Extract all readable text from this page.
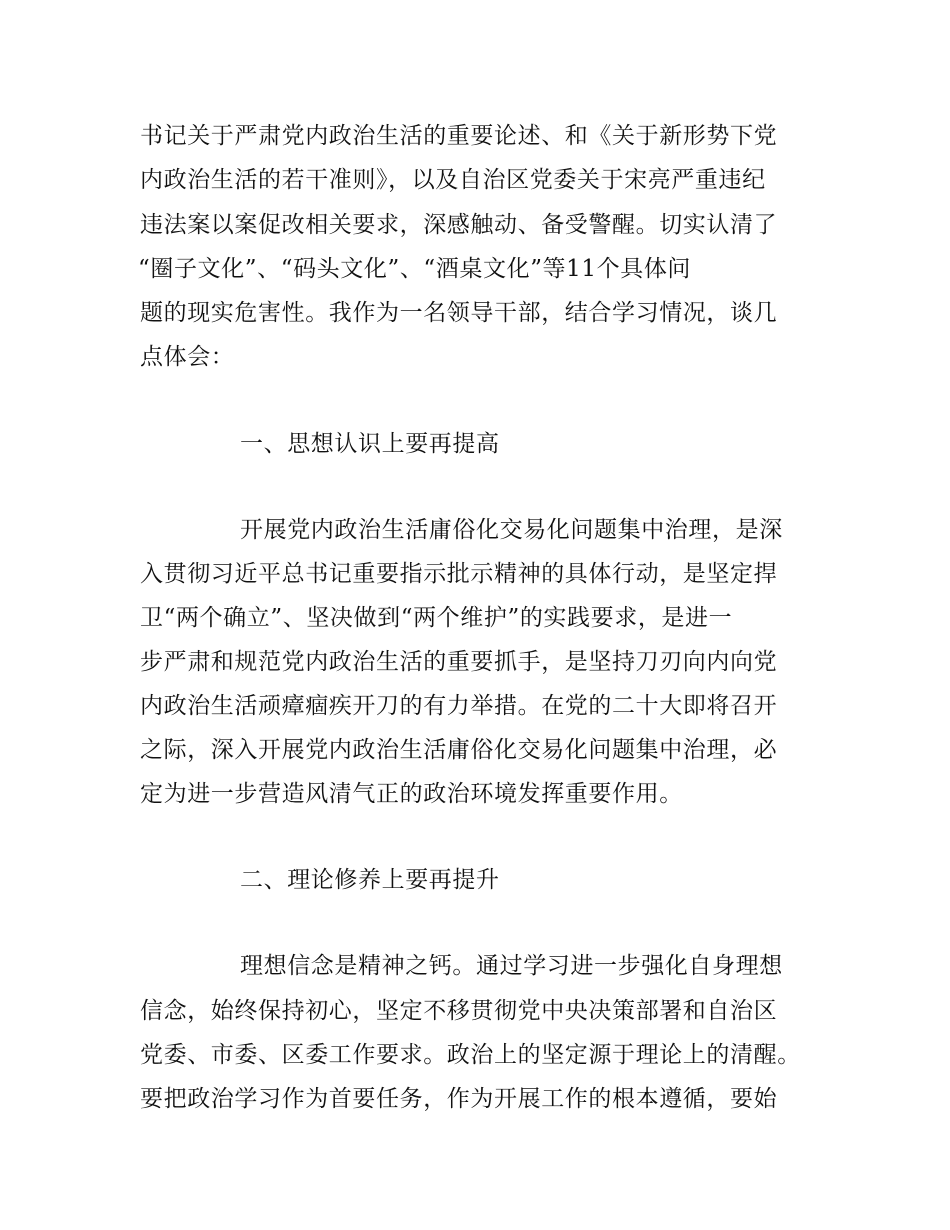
书记关于严肃党内政治生活的重要论述、和《关于新形势下党
内政治生活的若干准则》，以及自治区党委关于宋亮严重违纪
违法案以案促改相关要求，深感触动、备受警醒。切实认清了
“圈子文化”、“码头文化”、“酒桌文化”等11个具体问
题的现实危害性。我作为一名领导干部，结合学习情况，谈几
点体会：
一、思想认识上要再提高
开展党内政治生活庸俗化交易化问题集中治理，是深
入贯彻习近平总书记重要指示批示精神的具体行动，是坚定捍
卫“两个确立”、坚决做到“两个维护”的实践要求，是进一
步严肃和规范党内政治生活的重要抓手，是坚持刀刃向内向党
内政治生活顽瘴痼疾开刀的有力举措。在党的二十大即将召开
之际，深入开展党内政治生活庸俗化交易化问题集中治理，必
定为进一步营造风清气正的政治环境发挥重要作用。
二、理论修养上要再提升
理想信念是精神之钙。通过学习进一步强化自身理想
信念，始终保持初心，坚定不移贯彻党中央决策部署和自治区
党委、市委、区委工作要求。政治上的坚定源于理论上的清醒。
要把政治学习作为首要任务，作为开展工作的根本遵循，要始
